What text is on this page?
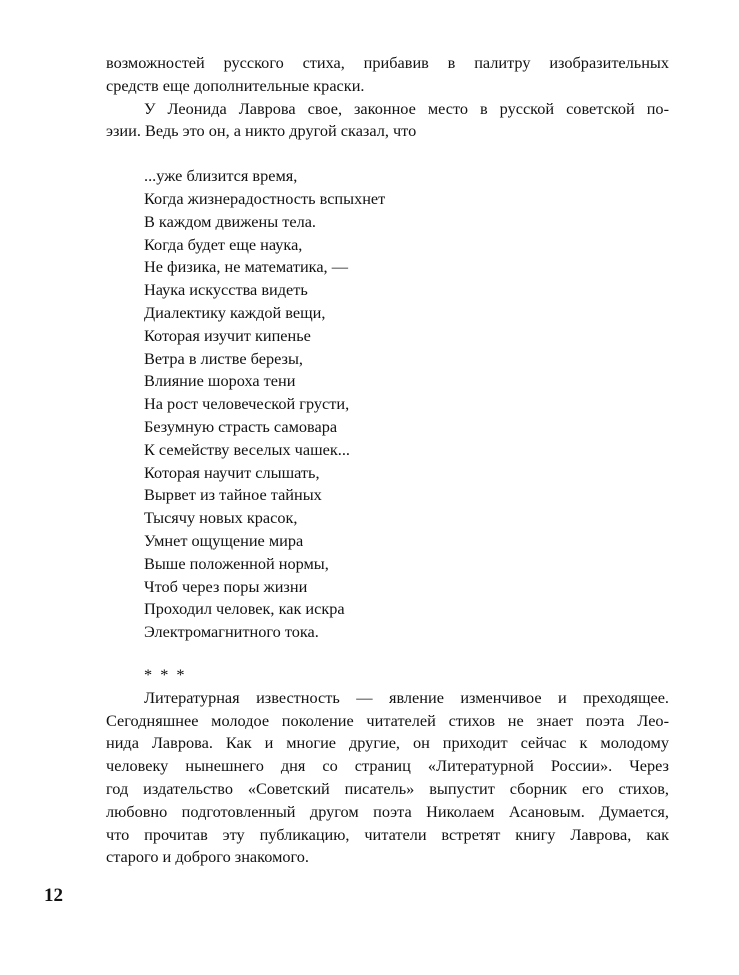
возможностей русского стиха, прибавив в палитру изобразительных
средств еще дополнительные краски.

У Леонида Лаврова свое, законное место в русской советской по-
эзии. Ведь это он, а никто другой сказал, что

...уже близится время,
Когда жизнерадостность вспыхнет
В каждом движены тела.
Когда будет еще наука,
Не физика, не математика, —
Наука искусства видеть
Диалектику каждой вещи,
Которая изучит кипенье
Ветра в листве березы,
Влияние шороха тени
На рост человеческой грусти,
Безумную страсть самовара
К семейству веселых чашек...
Которая научит слышать,
Вырвет из тайное тайных
Тысячу новых красок,
Умнет ощущение мира
Выше положенной нормы,
Чтоб через поры жизни
Проходил человек, как искра
Электромагнитного тока.
* * *

Литературная известность — явление изменчивое и преходящее.
Сегодняшнее молодое поколение читателей стихов не знает поэта Лео-
нида Лаврова. Как и многие другие, он приходит сейчас к молодому
человеку нынешнего дня со страниц «Литературной России». Через
год издательство «Советский писатель» выпустит сборник его стихов,
любовно подготовленный другом поэта Николаем Асановым. Думается,
что прочитав эту публикацию, читатели встретят книгу Лаврова, как
старого и доброго знакомого.

12
